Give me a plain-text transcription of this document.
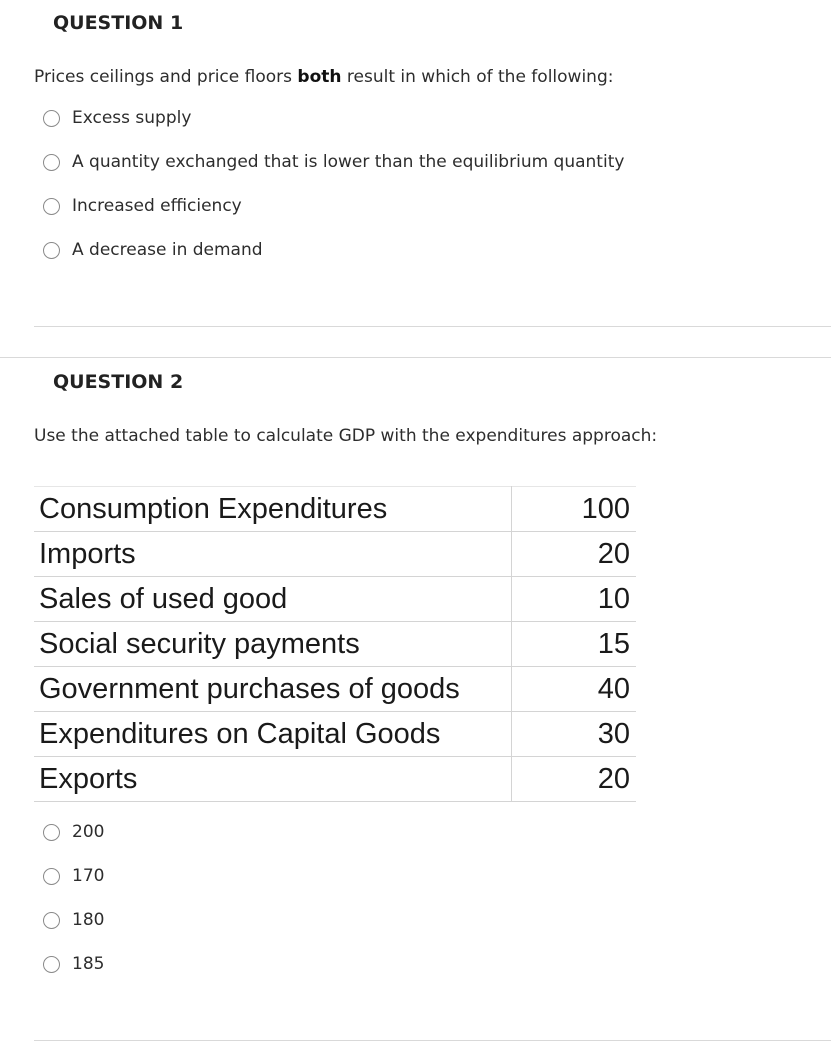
QUESTION 1

Prices ceilings and price floors both result in which of the following:

Excess supply
A quantity exchanged that is lower than the equilibrium quantity
Increased efficiency
A decrease in demand
QUESTION 2

Use the attached table to calculate GDP with the expenditures approach:

Consumption Expenditures	100
Imports	20
Sales of used good	10
Social security payments	15
Government purchases of goods	40
Expenditures on Capital Goods	30
Exports	20
200
170
180
185
